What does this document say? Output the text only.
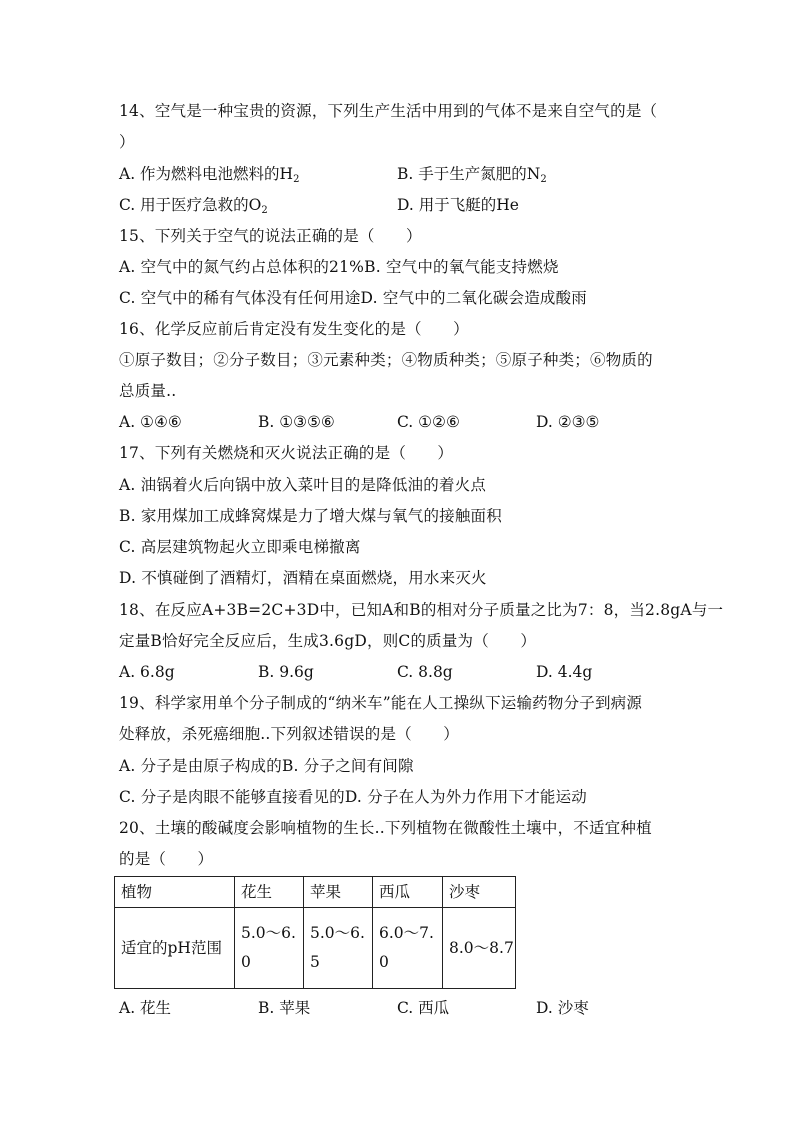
14、空气是一种宝贵的资源，下列生产生活中用到的气体不是来自空气的是（
）
A. 作为燃料电池燃料的$H_2$	B. 手于生产氮肥的$N_2$
C. 用于医疗急救的$O_2$	D. 用于飞艇的He
15、下列关于空气的说法正确的是（　　）
A. 空气中的氮气约占总体积的21%B. 空气中的氧气能支持燃烧
C. 空气中的稀有气体没有任何用途D. 空气中的二氧化碳会造成酸雨
16、化学反应前后肯定没有发生变化的是（　　）
①原子数目；②分子数目；③元素种类；④物质种类；⑤原子种类；⑥物质的
总质量..
A. ①④⑥	B. ①③⑤⑥	C. ①②⑥	D. ②③⑤
17、下列有关燃烧和灭火说法正确的是（　　）
A. 油锅着火后向锅中放入菜叶目的是降低油的着火点
B. 家用煤加工成蜂窝煤是力了增大煤与氧气的接触面积
C. 高层建筑物起火立即乘电梯撤离
D. 不慎碰倒了酒精灯，酒精在桌面燃烧，用水来灭火
18、在反应A+3B=2C+3D中，已知A和B的相对分子质量之比为7：8，当2.8gA与一
定量B恰好完全反应后，生成3.6gD，则C的质量为（　　）
A. 6.8g	B. 9.6g	C. 8.8g	D. 4.4g
19、科学家用单个分子制成的“纳米车”能在人工操纵下运输药物分子到病源
处释放，杀死癌细胞..下列叙述错误的是（　　）
A. 分子是由原子构成的B. 分子之间有间隙
C. 分子是肉眼不能够直接看见的D. 分子在人为外力作用下才能运动
20、土壤的酸碱度会影响植物的生长..下列植物在微酸性土壤中，不适宜种植
的是（　　）
植物	花生	苹果	西瓜	沙枣
适宜的pH范围	5.0～6.0	5.0～6.5	6.0～7.0	8.0～8.7
A. 花生	B. 苹果	C. 西瓜	D. 沙枣
